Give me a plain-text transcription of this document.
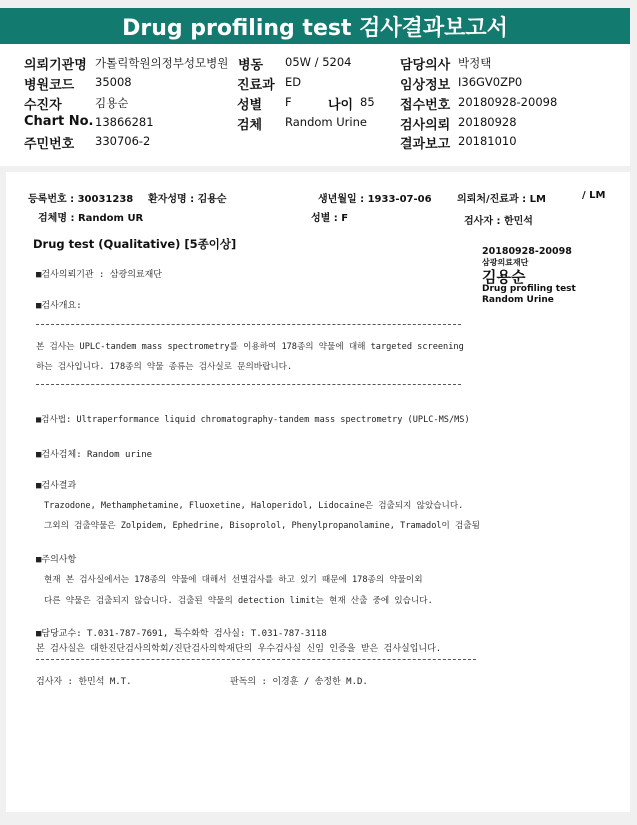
Drug profiling test 검사결과보고서
의뢰기관명 가톨릭학원의정부성모병원 병동 05W / 5204	담당의사 박정택
병원코드 35008	진료과 ED	임상정보 I36GV0ZP0
수진자	김용순	성별 F	나이 85 접수번호 20180928-20098
Chart No. 13866281	검체 Random Urine	검사의뢰 20180928
주민번호 330706-2	결과보고 20181010
등록번호 : 30031238 환자성명 : 김용순	생년월일 : 1933-07-06	의뢰처/진료과 : LM	/ LM
검체명 : Random UR	성별 : F	검사자 : 한민석
Drug test (Qualitative) [5종이상]
20180928-20098
삼광의료재단
김용순
Drug profiling test
Random Urine
■검사의뢰기관 : 삼광의료재단
■검사개요:
본 검사는 UPLC-tandem mass spectrometry를 이용하여 178종의 약물에 대해 targeted screening
하는 검사입니다. 178종의 약물 종류는 검사실로 문의바랍니다.
■검사법: Ultraperformance liquid chromatography-tandem mass spectrometry (UPLC-MS/MS)
■검사검체: Random urine
■검사결과
Trazodone, Methamphetamine, Fluoxetine, Haloperidol, Lidocaine은 검출되지 않았습니다.
그외의 검출약물은 Zolpidem, Ephedrine, Bisoprolol, Phenylpropanolamine, Tramadol이 검출됨
■주의사항
현재 본 검사실에서는 178종의 약물에 대해서 선별검사를 하고 있기 때문에 178종의 약물이외
다른 약물은 검출되지 않습니다. 검출된 약물의 detection limit는 현재 산출 중에 있습니다.
■담당교수: T.031-787-7691, 특수화학 검사실: T.031-787-3118
본 검사실은 대한진단검사의학회/진단검사의학재단의 우수검사실 신임 인증을 받은 검사실입니다.
검사자 : 한민석 M.T.	판독의 : 이경훈 / 송정한 M.D.
